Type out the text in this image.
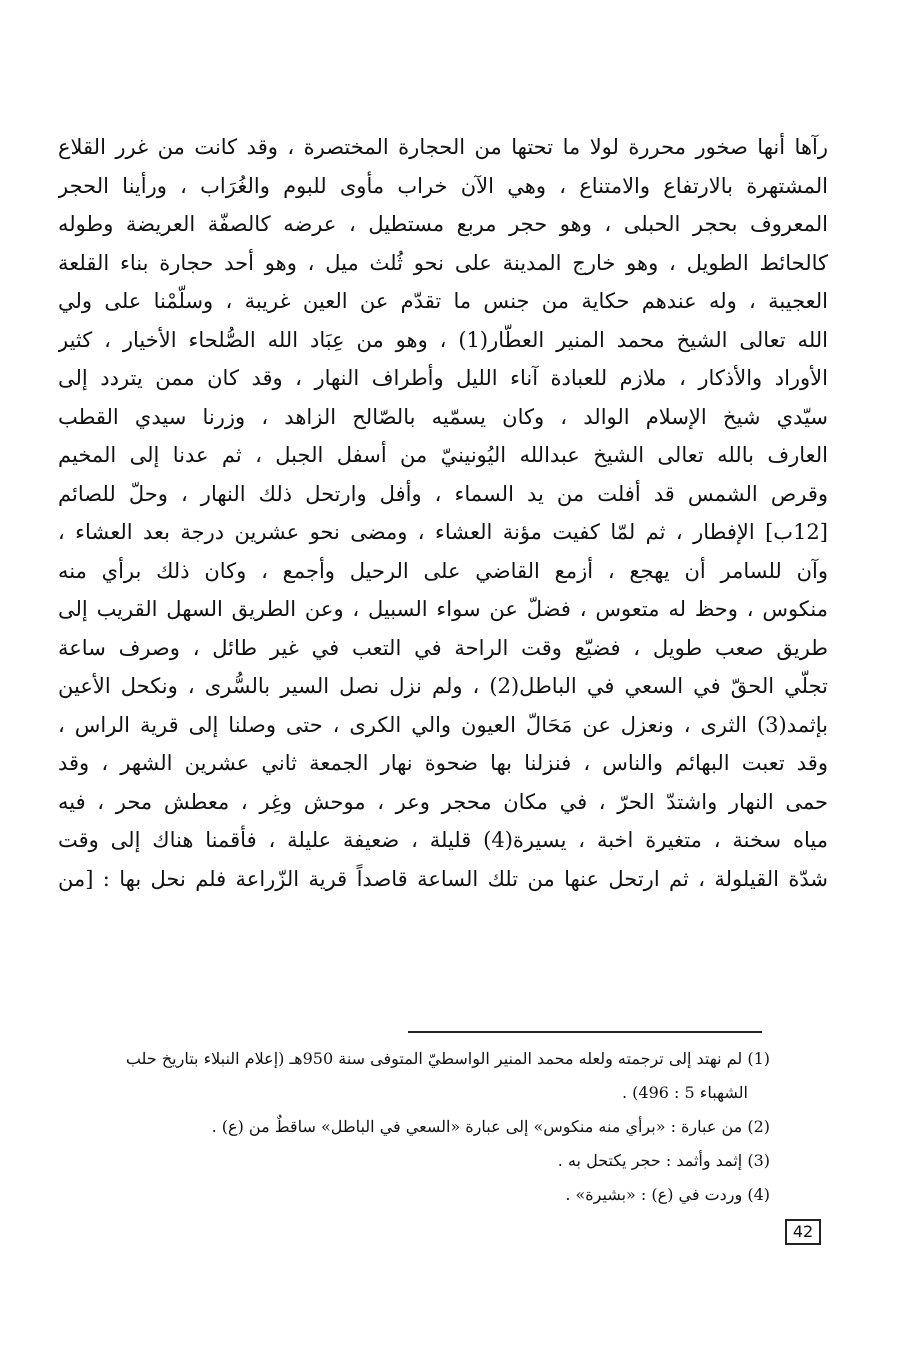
رآها أنها صخور محررة لولا ما تحتها من الحجارة المختصرة ، وقد كانت من غرر القلاع
المشتهرة بالارتفاع والامتناع ، وهي الآن خراب مأوى للبوم والغُرَاب ، ورأينا الحجر
المعروف بحجر الحبلى ، وهو حجر مربع مستطيل ، عرضه كالصفّة العريضة وطوله
كالحائط الطويل ، وهو خارج المدينة على نحو ثُلث ميل ، وهو أحد حجارة بناء القلعة
العجيبة ، وله عندهم حكاية من جنس ما تقدّم عن العين غريبة ، وسلّمْنا على ولي
الله تعالى الشيخ محمد المنير العطّار(1) ، وهو من عِبَاد الله الصُّلحاء الأخيار ، كثير
الأوراد والأذكار ، ملازم للعبادة آناء الليل وأطراف النهار ، وقد كان ممن يتردد إلى
سيّدي شيخ الإسلام الوالد ، وكان يسمّيه بالصّالح الزاهد ، وزرنا سيدي القطب
العارف بالله تعالى الشيخ عبدالله اليُونينيّ من أسفل الجبل ، ثم عدنا إلى المخيم
وقرص الشمس قد أفلت من يد السماء ، وأفل وارتحل ذلك النهار ، وحلّ للصائم
[12ب] الإفطار ، ثم لمّا كفيت مؤنة العشاء ، ومضى نحو عشرين درجة بعد العشاء ،
وآن للسامر أن يهجع ، أزمع القاضي على الرحيل وأجمع ، وكان ذلك برأي منه
منكوس ، وحظ له متعوس ، فضلّ عن سواء السبيل ، وعن الطريق السهل القريب إلى
طريق صعب طويل ، فضيّع وقت الراحة في التعب في غير طائل ، وصرف ساعة
تجلّي الحقّ في السعي في الباطل(2) ، ولم نزل نصل السير بالسُّرى ، ونكحل الأعين
بإثمد(3) الثرى ، ونعزل عن مَحَالّ العيون والي الكرى ، حتى وصلنا إلى قرية الراس ،
وقد تعبت البهائم والناس ، فنزلنا بها ضحوة نهار الجمعة ثاني عشرين الشهر ، وقد
حمى النهار واشتدّ الحرّ ، في مكان محجر وعر ، موحش وغِر ، معطش محر ، فيه
مياه سخنة ، متغيرة اخبة ، يسيرة(4) قليلة ، ضعيفة عليلة ، فأقمنا هناك إلى وقت
شدّة القيلولة ، ثم ارتحل عنها من تلك الساعة قاصداً قرية الزّراعة فلم نحل بها : [من
(1) لم نهتد إلى ترجمته ولعله محمد المنير الواسطيّ المتوفى سنة 950هـ (إعلام النبلاء بتاريخ حلب
الشهباء 5 : 496) .
(2) من عبارة : «برأي منه منكوس» إلى عبارة «السعي في الباطل» ساقطٌ من (ع) .
(3) إثمد وأثمد : حجر يكتحل به .
(4) وردت في (ع) : «بشيرة» .
42
